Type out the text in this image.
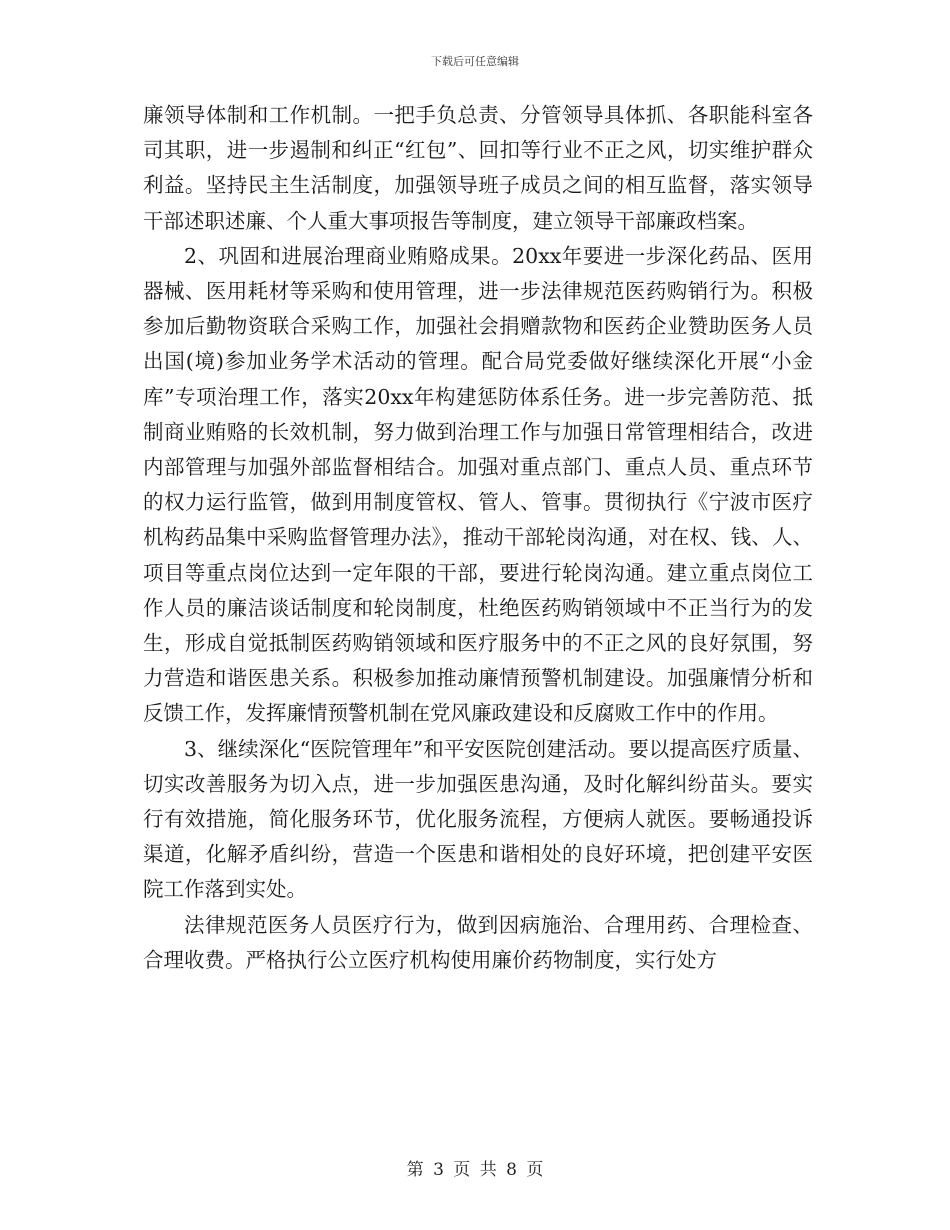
下载后可任意编辑

廉领导体制和工作机制。一把手负总责、分管领导具体抓、各职能科室各司其职，进一步遏制和纠正“红包”、回扣等行业不正之风，切实维护群众利益。坚持民主生活制度，加强领导班子成员之间的相互监督，落实领导干部述职述廉、个人重大事项报告等制度，建立领导干部廉政档案。

2、巩固和进展治理商业贿赂成果。20xx年要进一步深化药品、医用器械、医用耗材等采购和使用管理，进一步法律规范医药购销行为。积极参加后勤物资联合采购工作，加强社会捐赠款物和医药企业赞助医务人员出国(境)参加业务学术活动的管理。配合局党委做好继续深化开展“小金库”专项治理工作，落实20xx年构建惩防体系任务。进一步完善防范、抵制商业贿赂的长效机制，努力做到治理工作与加强日常管理相结合，改进内部管理与加强外部监督相结合。加强对重点部门、重点人员、重点环节的权力运行监管，做到用制度管权、管人、管事。贯彻执行《宁波市医疗机构药品集中采购监督管理办法》，推动干部轮岗沟通，对在权、钱、人、项目等重点岗位达到一定年限的干部，要进行轮岗沟通。建立重点岗位工作人员的廉洁谈话制度和轮岗制度，杜绝医药购销领域中不正当行为的发生，形成自觉抵制医药购销领域和医疗服务中的不正之风的良好氛围，努力营造和谐医患关系。积极参加推动廉情预警机制建设。加强廉情分析和反馈工作，发挥廉情预警机制在党风廉政建设和反腐败工作中的作用。

3、继续深化“医院管理年”和平安医院创建活动。要以提高医疗质量、切实改善服务为切入点，进一步加强医患沟通，及时化解纠纷苗头。要实行有效措施，简化服务环节，优化服务流程，方便病人就医。要畅通投诉渠道，化解矛盾纠纷，营造一个医患和谐相处的良好环境，把创建平安医院工作落到实处。

法律规范医务人员医疗行为，做到因病施治、合理用药、合理检查、合理收费。严格执行公立医疗机构使用廉价药物制度，实行处方

第 3 页 共 8 页
